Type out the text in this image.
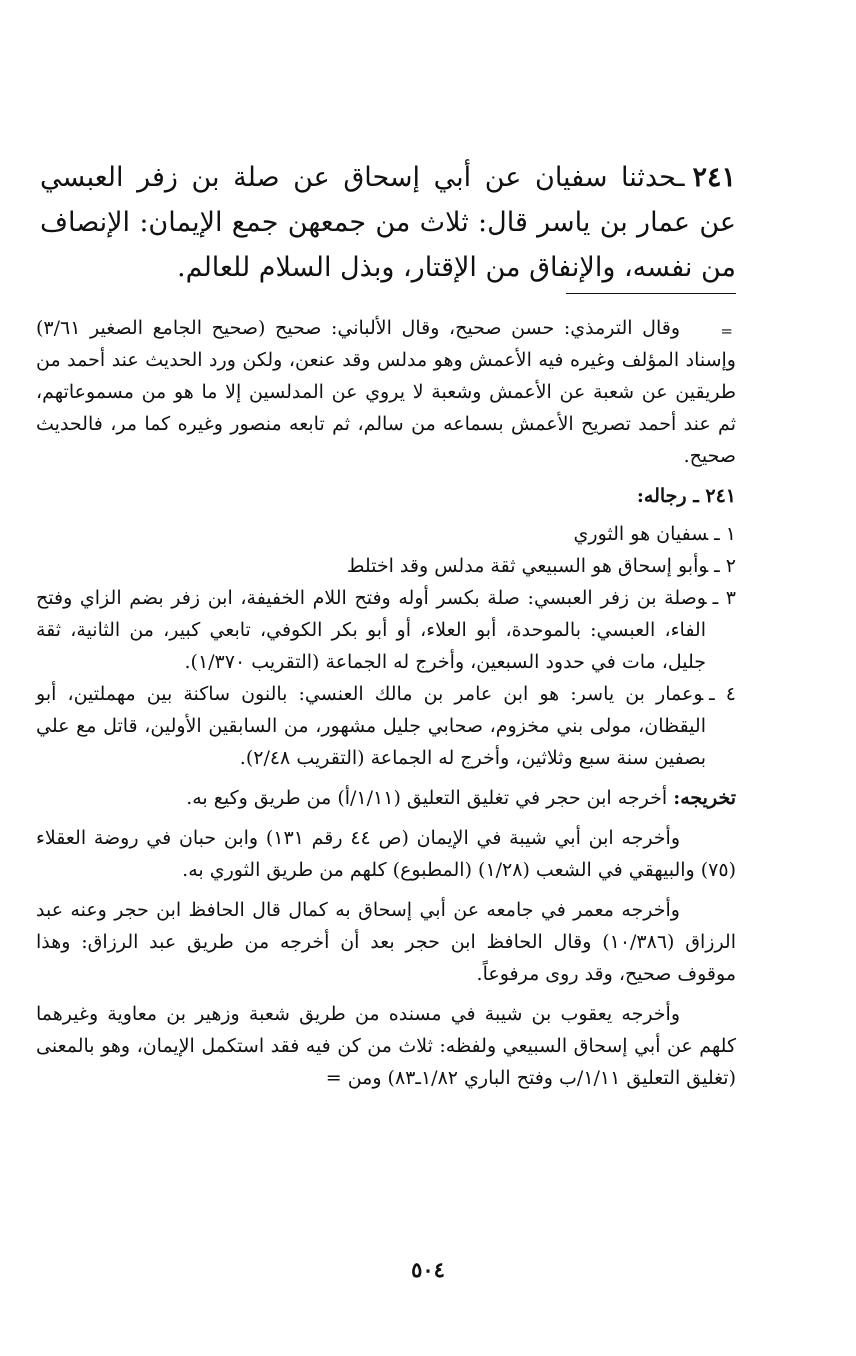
٢٤١ـحدثنا سفيان عن أبي إسحاق عن صلة بن زفر العبسي عن عمار بن ياسر قال: ثلاث من جمعهن جمع الإيمان: الإنصاف من نفسه، والإنفاق من الإقتار، وبذل السلام للعالم.

وقال الترمذي: حسن صحيح، وقال الألباني: صحيح (صحيح الجامع الصغير ٣/٦١) وإسناد المؤلف وغيره فيه الأعمش وهو مدلس وقد عنعن، ولكن ورد الحديث عند أحمد من طريقين عن شعبة عن الأعمش وشعبة لا يروي عن المدلسين إلا ما هو من مسموعاتهم، ثم عند أحمد تصريح الأعمش بسماعه من سالم، ثم تابعه منصور وغيره كما مر، فالحديث صحيح.

٢٤١ ـ رجاله:

١ ـسفيان هو الثوري

٢ ـوأبو إسحاق هو السبيعي ثقة مدلس وقد اختلط

٣ ـوصلة بن زفر العبسي: صلة بكسر أوله وفتح اللام الخفيفة، ابن زفر بضم الزاي وفتح الفاء، العبسي: بالموحدة، أبو العلاء، أو أبو بكر الكوفي، تابعي كبير، من الثانية، ثقة جليل، مات في حدود السبعين، وأخرج له الجماعة (التقريب ١/٣٧٠).

٤ ـوعمار بن ياسر: هو ابن عامر بن مالك العنسي: بالنون ساكنة بين مهملتين، أبو اليقظان، مولى بني مخزوم، صحابي جليل مشهور، من السابقين الأولين، قاتل مع علي بصفين سنة سبع وثلاثين، وأخرج له الجماعة (التقريب ٢/٤٨).

تخريجه: أخرجه ابن حجر في تغليق التعليق (١/١١/أ) من طريق وكيع به.

وأخرجه ابن أبي شيبة في الإيمان (ص ٤٤ رقم ١٣١) وابن حبان في روضة العقلاء (٧٥) والبيهقي في الشعب (١/٢٨) (المطبوع) كلهم من طريق الثوري به.

وأخرجه معمر في جامعه عن أبي إسحاق به كمال قال الحافظ ابن حجر وعنه عبد الرزاق (١٠/٣٨٦) وقال الحافظ ابن حجر بعد أن أخرجه من طريق عبد الرزاق: وهذا موقوف صحيح، وقد روى مرفوعاً.

وأخرجه يعقوب بن شيبة في مسنده من طريق شعبة وزهير بن معاوية وغيرهما كلهم عن أبي إسحاق السبيعي ولفظه: ثلاث من كن فيه فقد استكمل الإيمان، وهو بالمعنى (تغليق التعليق ١/١١/ب وفتح الباري ١/٨٢ـ٨٣) ومن =

=
٥٠٤
